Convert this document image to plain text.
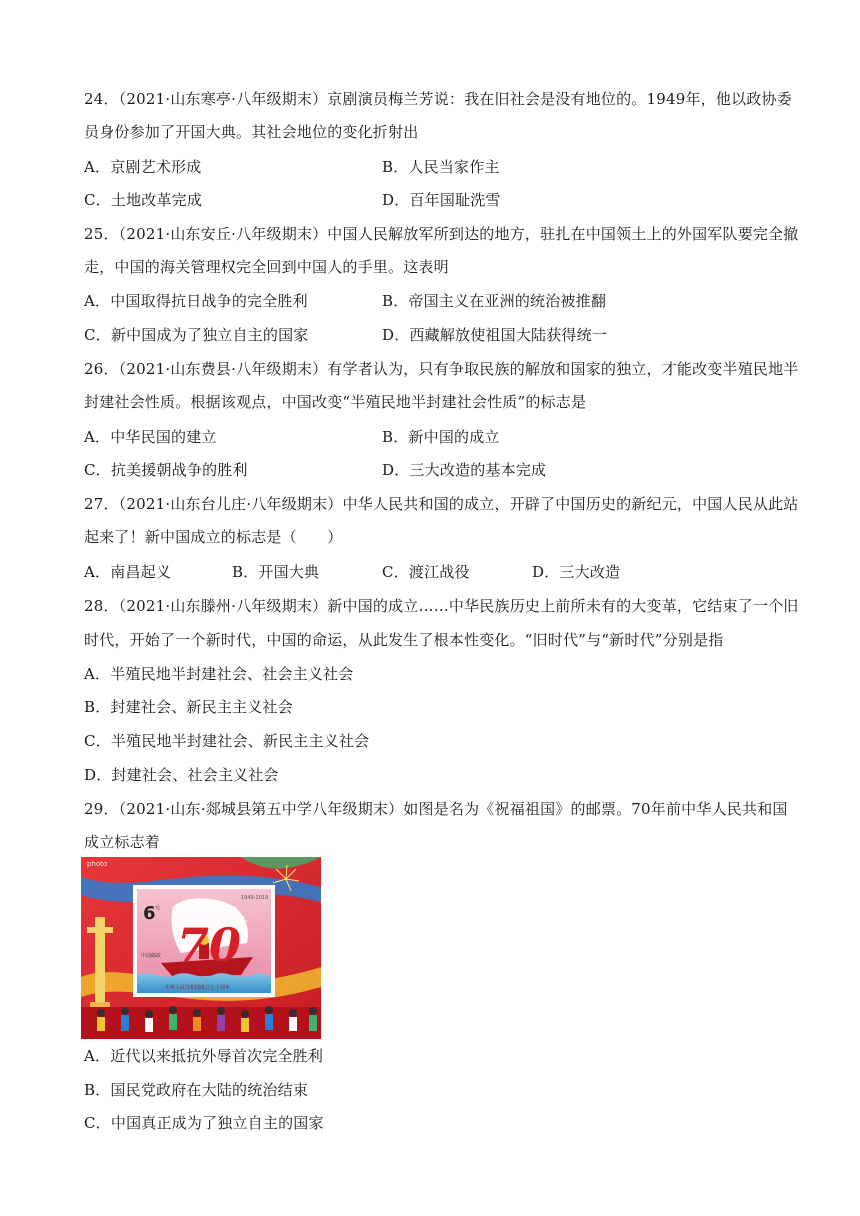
24．（2021·山东寒亭·八年级期末）京剧演员梅兰芳说：我在旧社会是没有地位的。1949年，他以政协委
员身份参加了开国大典。其社会地位的变化折射出
A．京剧艺术形成	B．人民当家作主
C．土地改革完成	D．百年国耻洗雪
25．（2021·山东安丘·八年级期末）中国人民解放军所到达的地方，驻扎在中国领土上的外国军队要完全撤
走，中国的海关管理权完全回到中国人的手里。这表明
A．中国取得抗日战争的完全胜利	B．帝国主义在亚洲的统治被推翻
C．新中国成为了独立自主的国家	D．西藏解放使祖国大陆获得统一
26．（2021·山东费县·八年级期末）有学者认为，只有争取民族的解放和国家的独立，才能改变半殖民地半
封建社会性质。根据该观点，中国改变“半殖民地半封建社会性质”的标志是
A．中华民国的建立	B．新中国的成立
C．抗美援朝战争的胜利	D．三大改造的基本完成
27．（2021·山东台儿庄·八年级期末）中华人民共和国的成立，开辟了中国历史的新纪元，中国人民从此站
起来了！新中国成立的标志是（　　）
A．南昌起义	B．开国大典	C．渡江战役	D．三大改造
28．（2021·山东滕州·八年级期末）新中国的成立……中华民族历史上前所未有的大变革，它结束了一个旧
时代，开始了一个新时代，中国的命运，从此发生了根本性变化。“旧时代”与“新时代”分别是指
A．半殖民地半封建社会、社会主义社会
B．封建社会、新民主主义社会
C．半殖民地半封建社会、新民主主义社会
D．封建社会、社会主义社会
29．（2021·山东·郯城县第五中学八年级期末）如图是名为《祝福祖国》的邮票。70年前中华人民共和国
成立标志着
6 元
1949-2019
中国邮政 70
中华人民共和国成立七十周年
photo
A．近代以来抵抗外辱首次完全胜利
B．国民党政府在大陆的统治结束
C．中国真正成为了独立自主的国家
